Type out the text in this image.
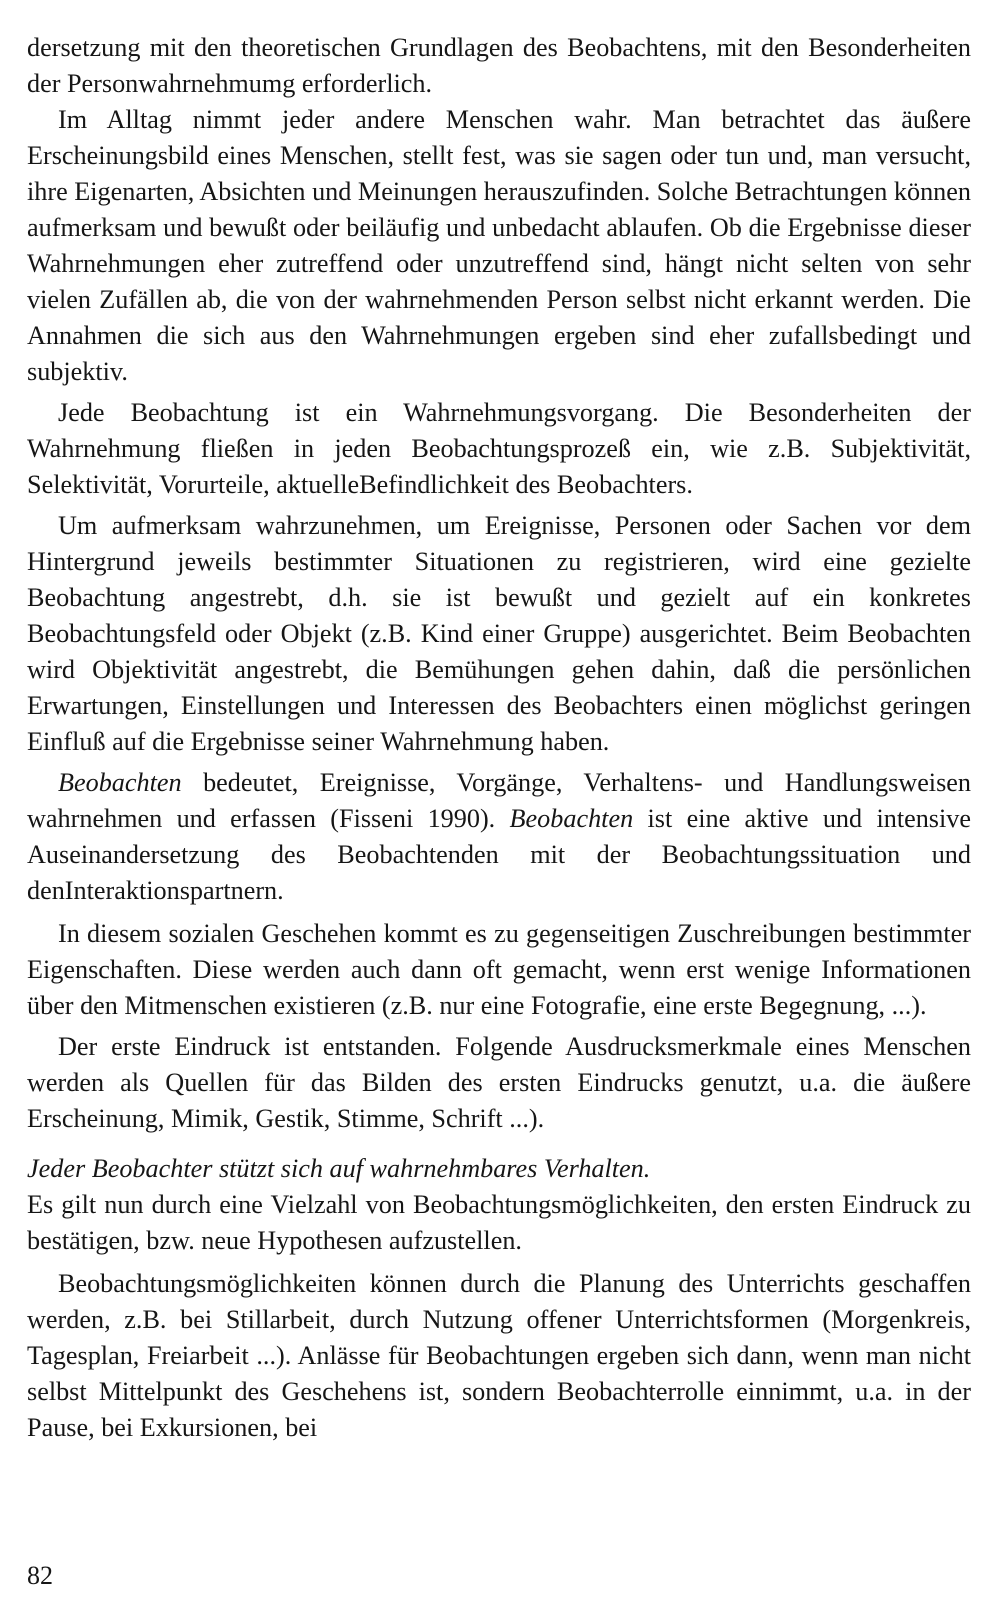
dersetzung mit den theoretischen Grundlagen des Beobachtens, mit den Besonderheiten der Personwahrnehmumg erforderlich.

Im Alltag nimmt jeder andere Menschen wahr. Man betrachtet das äußere Erscheinungsbild eines Menschen, stellt fest, was sie sagen oder tun und, man versucht, ihre Eigenarten, Absichten und Meinungen herauszufinden. Solche Betrachtungen können aufmerksam und bewußt oder beiläufig und unbedacht ablaufen. Ob die Ergebnisse dieser Wahrnehmungen eher zutreffend oder unzutreffend sind, hängt nicht selten von sehr vielen Zufällen ab, die von der wahrnehmenden Person selbst nicht erkannt werden. Die Annahmen die sich aus den Wahrnehmungen ergeben sind eher zufallsbedingt und subjektiv.

Jede Beobachtung ist ein Wahrnehmungsvorgang. Die Besonderheiten der Wahrnehmung fließen in jeden Beobachtungsprozeß ein, wie z.B. Subjektivität, Selektivität, Vorurteile, aktuelleBefindlichkeit des Beobachters.

Um aufmerksam wahrzunehmen, um Ereignisse, Personen oder Sachen vor dem Hintergrund jeweils bestimmter Situationen zu registrieren, wird eine gezielte Beobachtung angestrebt, d.h. sie ist bewußt und gezielt auf ein konkretes Beobachtungsfeld oder Objekt (z.B. Kind einer Gruppe) ausgerichtet. Beim Beobachten wird Objektivität angestrebt, die Bemühungen gehen dahin, daß die persönlichen Erwartungen, Einstellungen und Interessen des Beobachters einen möglichst geringen Einfluß auf die Ergebnisse seiner Wahrnehmung haben.

Beobachten bedeutet, Ereignisse, Vorgänge, Verhaltens- und Handlungsweisen wahrnehmen und erfassen (Fisseni 1990). Beobachten ist eine aktive und intensive Auseinandersetzung des Beobachtenden mit der Beobachtungssituation und denInteraktionspartnern.

In diesem sozialen Geschehen kommt es zu gegenseitigen Zuschreibungen bestimmter Eigenschaften. Diese werden auch dann oft gemacht, wenn erst wenige Informationen über den Mitmenschen existieren (z.B. nur eine Fotografie, eine erste Begegnung, ...).

Der erste Eindruck ist entstanden. Folgende Ausdrucksmerkmale eines Menschen werden als Quellen für das Bilden des ersten Eindrucks genutzt, u.a. die äußere Erscheinung, Mimik, Gestik, Stimme, Schrift ...).

Jeder Beobachter stützt sich auf wahrnehmbares Verhalten.

Es gilt nun durch eine Vielzahl von Beobachtungsmöglichkeiten, den ersten Eindruck zu bestätigen, bzw. neue Hypothesen aufzustellen.

Beobachtungsmöglichkeiten können durch die Planung des Unterrichts geschaffen werden, z.B. bei Stillarbeit, durch Nutzung offener Unterrichtsformen (Morgenkreis, Tagesplan, Freiarbeit ...). Anlässe für Beobachtungen ergeben sich dann, wenn man nicht selbst Mittelpunkt des Geschehens ist, sondern Beobachterrolle einnimmt, u.a. in der Pause, bei Exkursionen, bei

82
